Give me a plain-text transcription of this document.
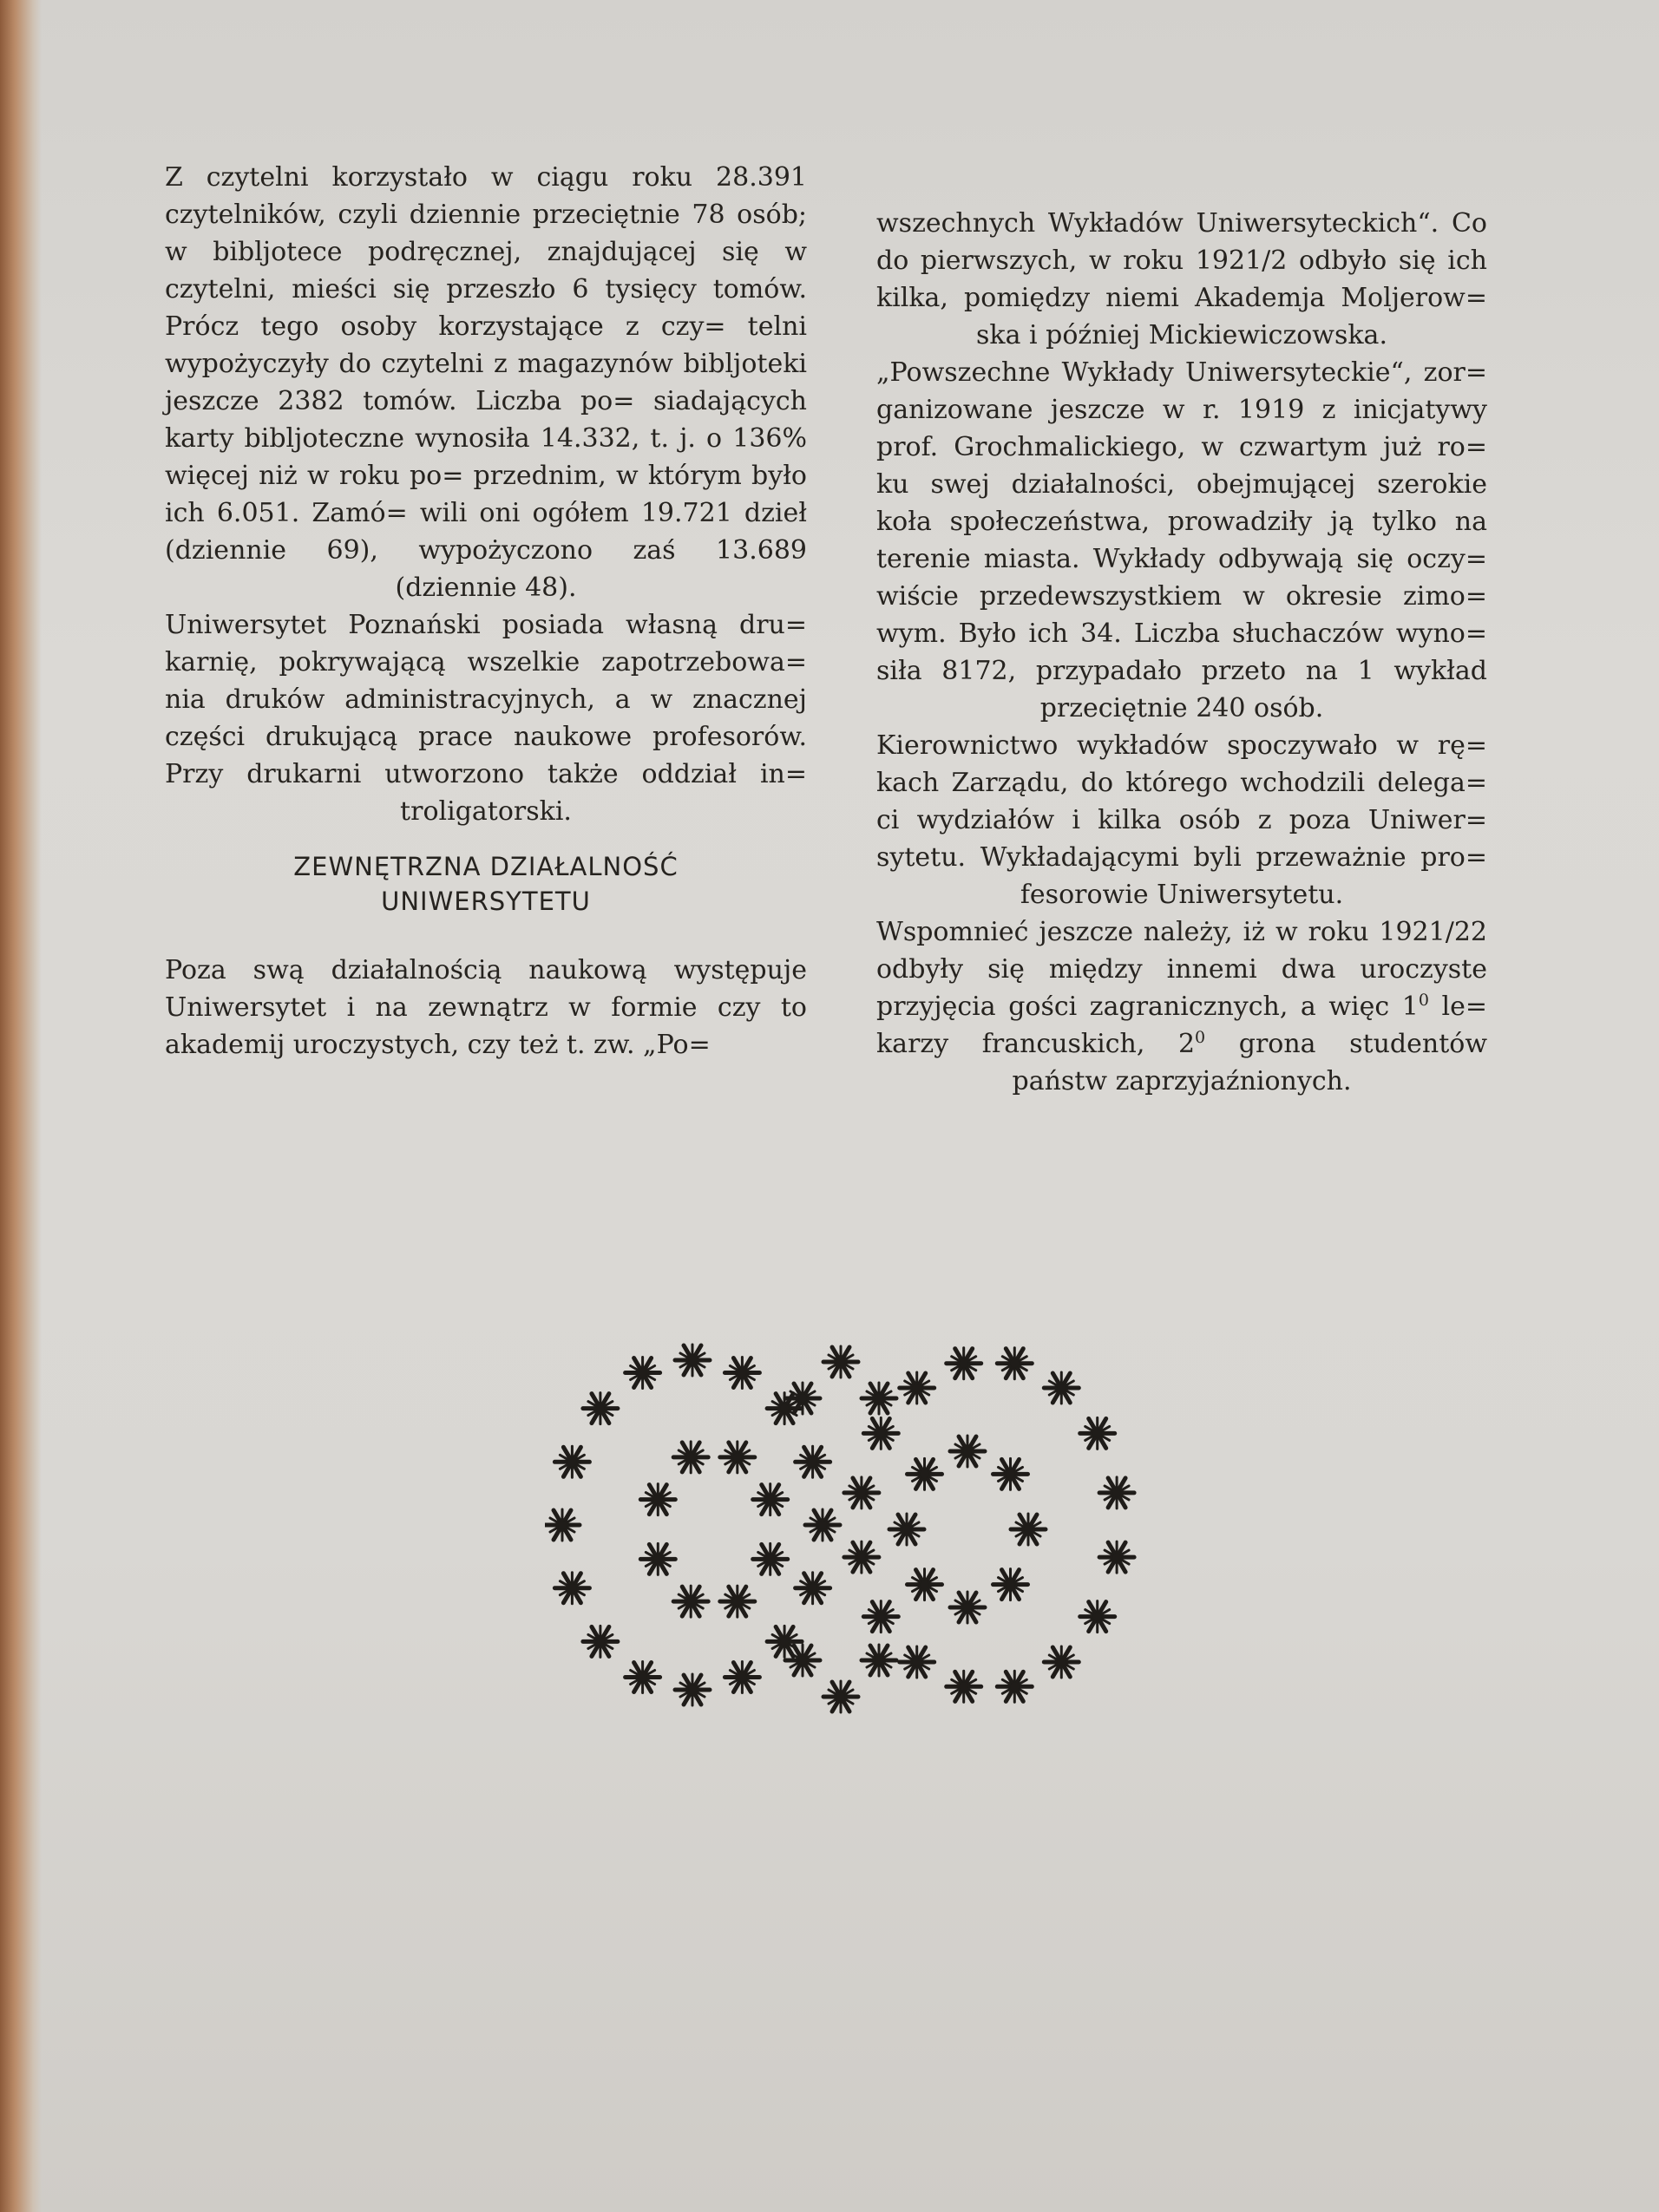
Z czytelni korzystało w ciągu roku 28.391 czytelników, czyli dziennie przeciętnie 78 osób; w bibljotece podręcznej, znajdującej się w czytelni, mieści się przeszło 6 tysięcy tomów. Prócz tego osoby korzystające z czy= telni wypożyczyły do czytelni z magazynów bibljoteki jeszcze 2382 tomów. Liczba po= siadających karty bibljoteczne wynosiła 14.332, t. j. o 136% więcej niż w roku po= przednim, w którym było ich 6.051. Zamó= wili oni ogółem 19.721 dzieł (dziennie 69), wypożyczono zaś 13.689 (dziennie 48).

Uniwersytet Poznański posiada własną dru= karnię, pokrywającą wszelkie zapotrzebowa= nia druków administracyjnych, a w znacznej części drukującą prace naukowe profesorów. Przy drukarni utworzono także oddział in= troligatorski.

ZEWNĘTRZNA DZIAŁALNOŚĆ
UNIWERSYTETU

Poza swą działalnością naukową występuje Uniwersytet i na zewnątrz w formie czy to akademij uroczystych, czy też t. zw. „Po=

wszechnych Wykładów Uniwersyteckich“. Co do pierwszych, w roku 1921/2 odbyło się ich kilka, pomiędzy niemi Akademja Moljerow= ska i później Mickiewiczowska.

„Powszechne Wykłady Uniwersyteckie“, zor= ganizowane jeszcze w r. 1919 z inicjatywy prof. Grochmalickiego, w czwartym już ro= ku swej działalności, obejmującej szerokie koła społeczeństwa, prowadziły ją tylko na terenie miasta. Wykłady odbywają się oczy= wiście przedewszystkiem w okresie zimo= wym. Było ich 34. Liczba słuchaczów wyno= siła 8172, przypadało przeto na 1 wykład przeciętnie 240 osób.

Kierownictwo wykładów spoczywało w rę= kach Zarządu, do którego wchodzili delega= ci wydziałów i kilka osób z poza Uniwer= sytetu. Wykładającymi byli przeważnie pro= fesorowie Uniwersytetu.

Wspomnieć jeszcze należy, iż w roku 1921/22 odbyły się między innemi dwa uroczyste przyjęcia gości zagranicznych, a więc $1^0$ le= karzy francuskich, $2^0$ grona studentów państw zaprzyjaźnionych.
